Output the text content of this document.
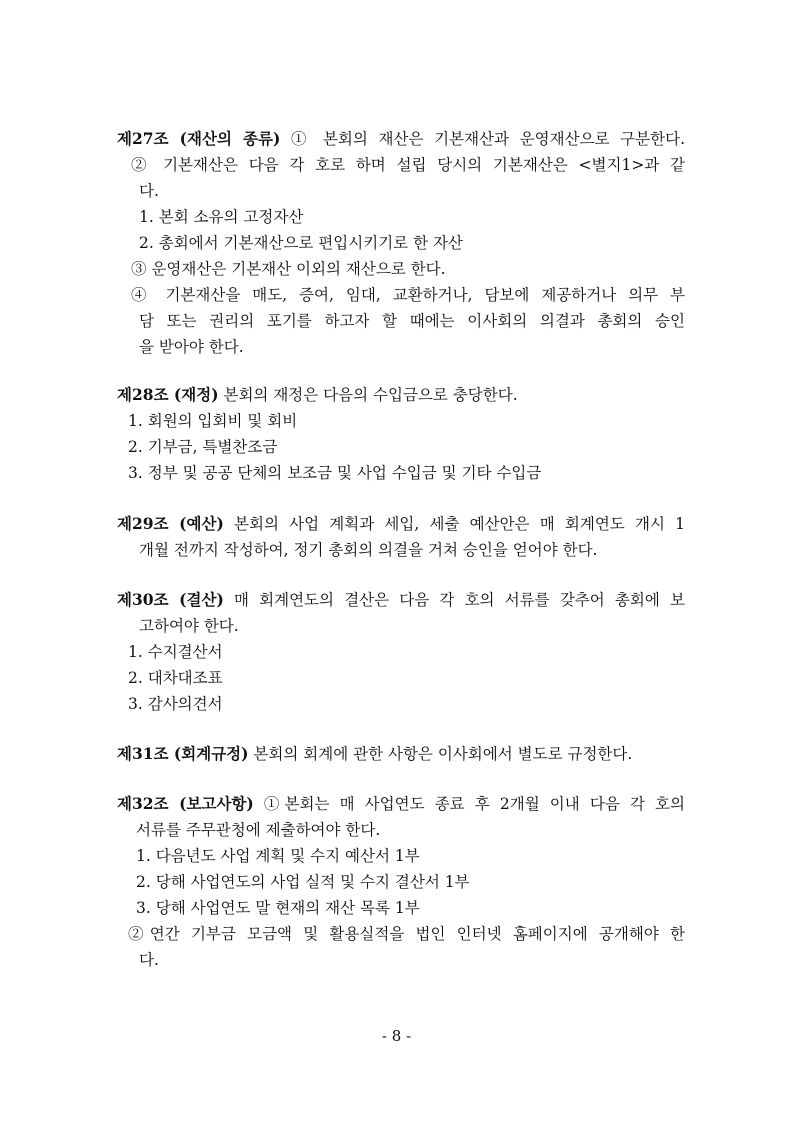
제27조 (재산의 종류) ① 본회의 재산은 기본재산과 운영재산으로 구분한다.
② 기본재산은 다음 각 호로 하며 설립 당시의 기본재산은 <별지1>과 같
다.
1. 본회 소유의 고정자산
2. 총회에서 기본재산으로 편입시키기로 한 자산
③ 운영재산은 기본재산 이외의 재산으로 한다.
④ 기본재산을 매도, 증여, 임대, 교환하거나, 담보에 제공하거나 의무 부
담 또는 권리의 포기를 하고자 할 때에는 이사회의 의결과 총회의 승인
을 받아야 한다.
제28조 (재정) 본회의 재정은 다음의 수입금으로 충당한다.
1. 회원의 입회비 및 회비
2. 기부금, 특별찬조금
3. 정부 및 공공 단체의 보조금 및 사업 수입금 및 기타 수입금
제29조 (예산) 본회의 사업 계획과 세입, 세출 예산안은 매 회계연도 개시 1
개월 전까지 작성하여, 정기 총회의 의결을 거쳐 승인을 얻어야 한다.
제30조 (결산) 매 회계연도의 결산은 다음 각 호의 서류를 갖추어 총회에 보
고하여야 한다.
1. 수지결산서
2. 대차대조표
3. 감사의견서
제31조 (회계규정) 본회의 회계에 관한 사항은 이사회에서 별도로 규정한다.
제32조 (보고사항) ①본회는 매 사업연도 종료 후 2개월 이내 다음 각 호의
서류를 주무관청에 제출하여야 한다.
1. 다음년도 사업 계획 및 수지 예산서 1부
2. 당해 사업연도의 사업 실적 및 수지 결산서 1부
3. 당해 사업연도 말 현재의 재산 목록 1부
②연간 기부금 모금액 및 활용실적을 법인 인터넷 홈페이지에 공개해야 한
다.
- 8 -
